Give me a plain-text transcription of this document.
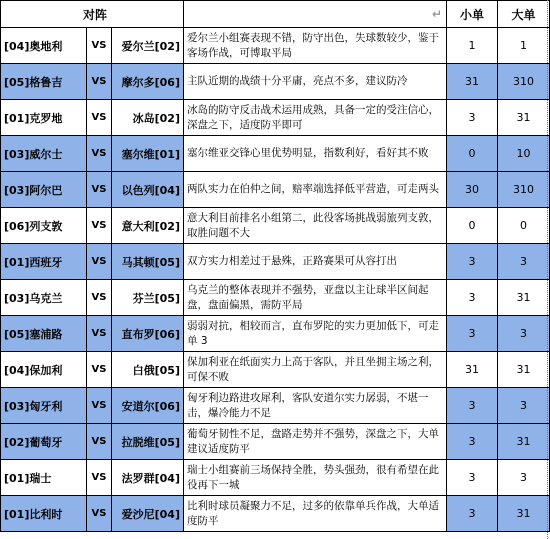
对阵			↵	小单	大单
[04]奥地利	VS	爱尔兰[02]	爱尔兰小组赛表现不错，防守出色，失球数较少，鉴于客场作战，可博取平局	1	1
[05]格鲁吉	VS	摩尔多[06]	主队近期的战绩十分平庸，亮点不多，建议防冷	31	310
[01]克罗地	VS	冰岛[02]	冰岛的防守反击战术运用成熟，具备一定的受注信心，深盘之下，适度防平即可	3	31
[03]威尔士	VS	塞尔维[01]	塞尔维亚交锋心里优势明显，指数利好，看好其不败	0	10
[03]阿尔巴	VS	以色列[04]	两队实力在伯仲之间，赔率端选择低平营造，可走两头	30	310
[06]列支敦	VS	意大利[02]	意大利目前排名小组第二，此役客场挑战弱旅列支敦，取胜问题不大	0	0
[01]西班牙	VS	马其顿[05]	双方实力相差过于悬殊，正路赛果可从容打出	3	3
[03]乌克兰	VS	芬兰[05]	乌克兰的整体表现并不强势，亚盘以主让球半区间起盘，盘面偏黑，需防平局	3	31
[05]塞浦路	VS	直布罗[06]	弱弱对抗，相较而言，直布罗陀的实力更加低下，可走单 3	3	3
[04]保加利	VS	白俄[05]	保加利亚在纸面实力上高于客队，并且坐拥主场之利，可保不败	31	31
[03]匈牙利	VS	安道尔[06]	匈牙利边路进攻犀利，客队安道尔实力孱弱，不堪一击，爆冷能力不足	3	3
[02]葡萄牙	VS	拉脱维[05]	葡萄牙韧性不足，盘路走势并不强势，深盘之下，大单建议适度防平	3	31
[01]瑞士	VS	法罗群[04]	瑞士小组赛前三场保持全胜，势头强劲，很有希望在此役再下一城	3	3
[01]比利时	VS	爱沙尼[04]	比利时球员凝聚力不足，过多的依靠单兵作战，大单适度防平	3	31
